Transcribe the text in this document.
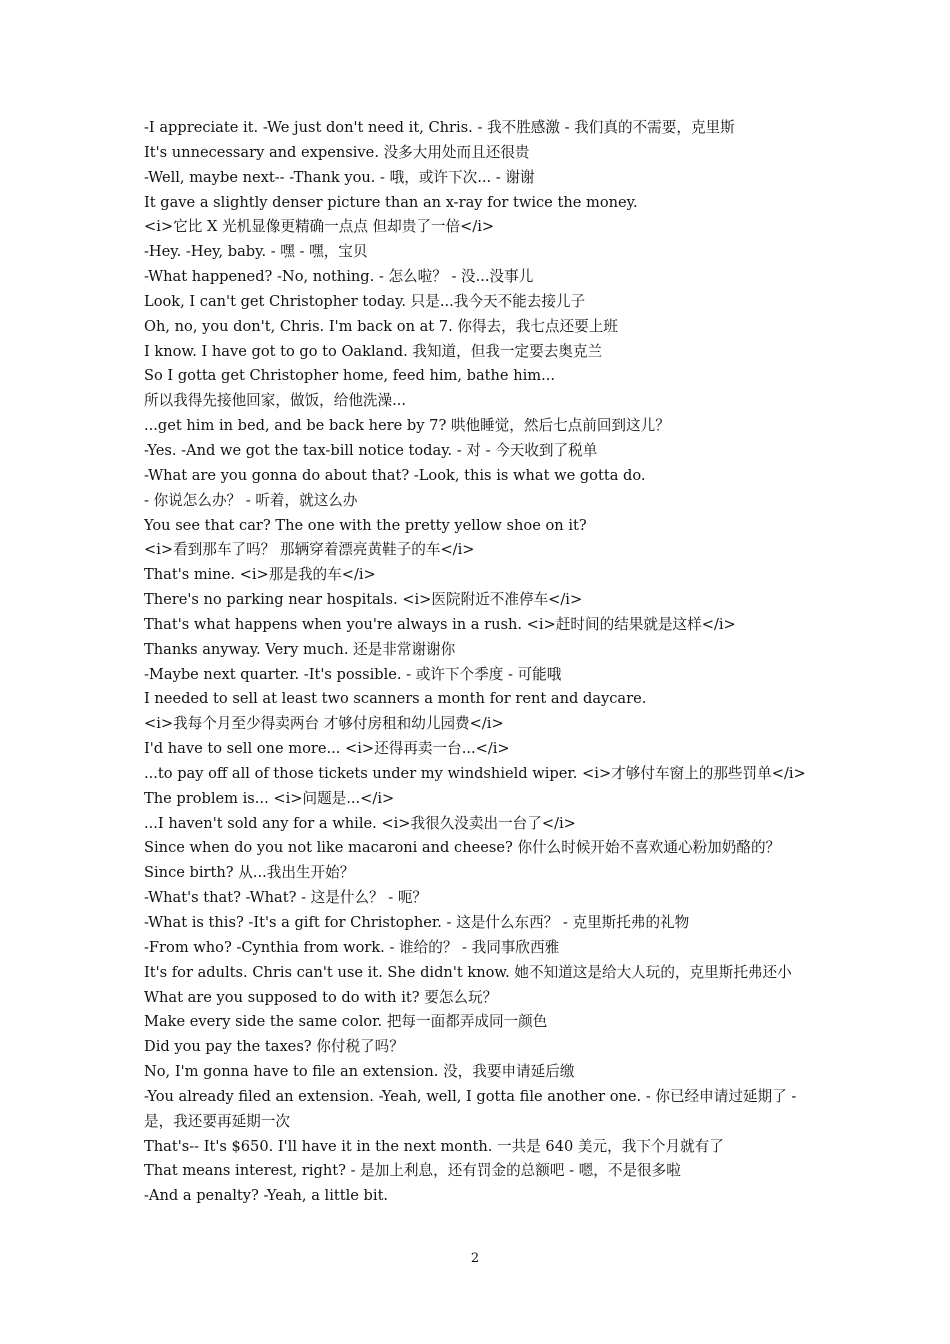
-I appreciate it. -We just don't need it, Chris. - 我不胜感激 - 我们真的不需要，克里斯
It's unnecessary and expensive. 没多大用处而且还很贵
-Well, maybe next-- -Thank you. - 哦，或许下次... - 谢谢
It gave a slightly denser picture than an x-ray for twice the money.
<i>它比 X 光机显像更精确一点点 但却贵了一倍</i>
-Hey. -Hey, baby. - 嘿 - 嘿，宝贝
-What happened? -No, nothing. - 怎么啦？ - 没...没事儿
Look, I can't get Christopher today. 只是...我今天不能去接儿子
Oh, no, you don't, Chris. I'm back on at 7. 你得去，我七点还要上班
I know. I have got to go to Oakland. 我知道，但我一定要去奥克兰
So I gotta get Christopher home, feed him, bathe him...
所以我得先接他回家，做饭，给他洗澡...
...get him in bed, and be back here by 7? 哄他睡觉，然后七点前回到这儿？
-Yes. -And we got the tax-bill notice today. - 对 - 今天收到了税单
-What are you gonna do about that? -Look, this is what we gotta do.
- 你说怎么办？ - 听着，就这么办
You see that car? The one with the pretty yellow shoe on it?
<i>看到那车了吗？ 那辆穿着漂亮黄鞋子的车</i>
That's mine. <i>那是我的车</i>
There's no parking near hospitals. <i>医院附近不准停车</i>
That's what happens when you're always in a rush. <i>赶时间的结果就是这样</i>
Thanks anyway. Very much. 还是非常谢谢你
-Maybe next quarter. -It's possible. - 或许下个季度 - 可能哦
I needed to sell at least two scanners a month for rent and daycare.
<i>我每个月至少得卖两台 才够付房租和幼儿园费</i>
I'd have to sell one more... <i>还得再卖一台...</i>
...to pay off all of those tickets under my windshield wiper. <i>才够付车窗上的那些罚单</i>
The problem is... <i>问题是...</i>
...I haven't sold any for a while. <i>我很久没卖出一台了</i>
Since when do you not like macaroni and cheese? 你什么时候开始不喜欢通心粉加奶酪的？
Since birth? 从...我出生开始？
-What's that? -What? - 这是什么？ - 呃？
-What is this? -It's a gift for Christopher. - 这是什么东西？ - 克里斯托弗的礼物
-From who? -Cynthia from work. - 谁给的？ - 我同事欣西雅
It's for adults. Chris can't use it. She didn't know. 她不知道这是给大人玩的，克里斯托弗还小
What are you supposed to do with it? 要怎么玩？
Make every side the same color. 把每一面都弄成同一颜色
Did you pay the taxes? 你付税了吗？
No, I'm gonna have to file an extension. 没，我要申请延后缴
-You already filed an extension. -Yeah, well, I gotta file another one. - 你已经申请过延期了 -
是，我还要再延期一次
That's-- It's $650. I'll have it in the next month. 一共是 640 美元，我下个月就有了
That means interest, right? - 是加上利息，还有罚金的总额吧 - 嗯，不是很多啦
-And a penalty? -Yeah, a little bit.
2
